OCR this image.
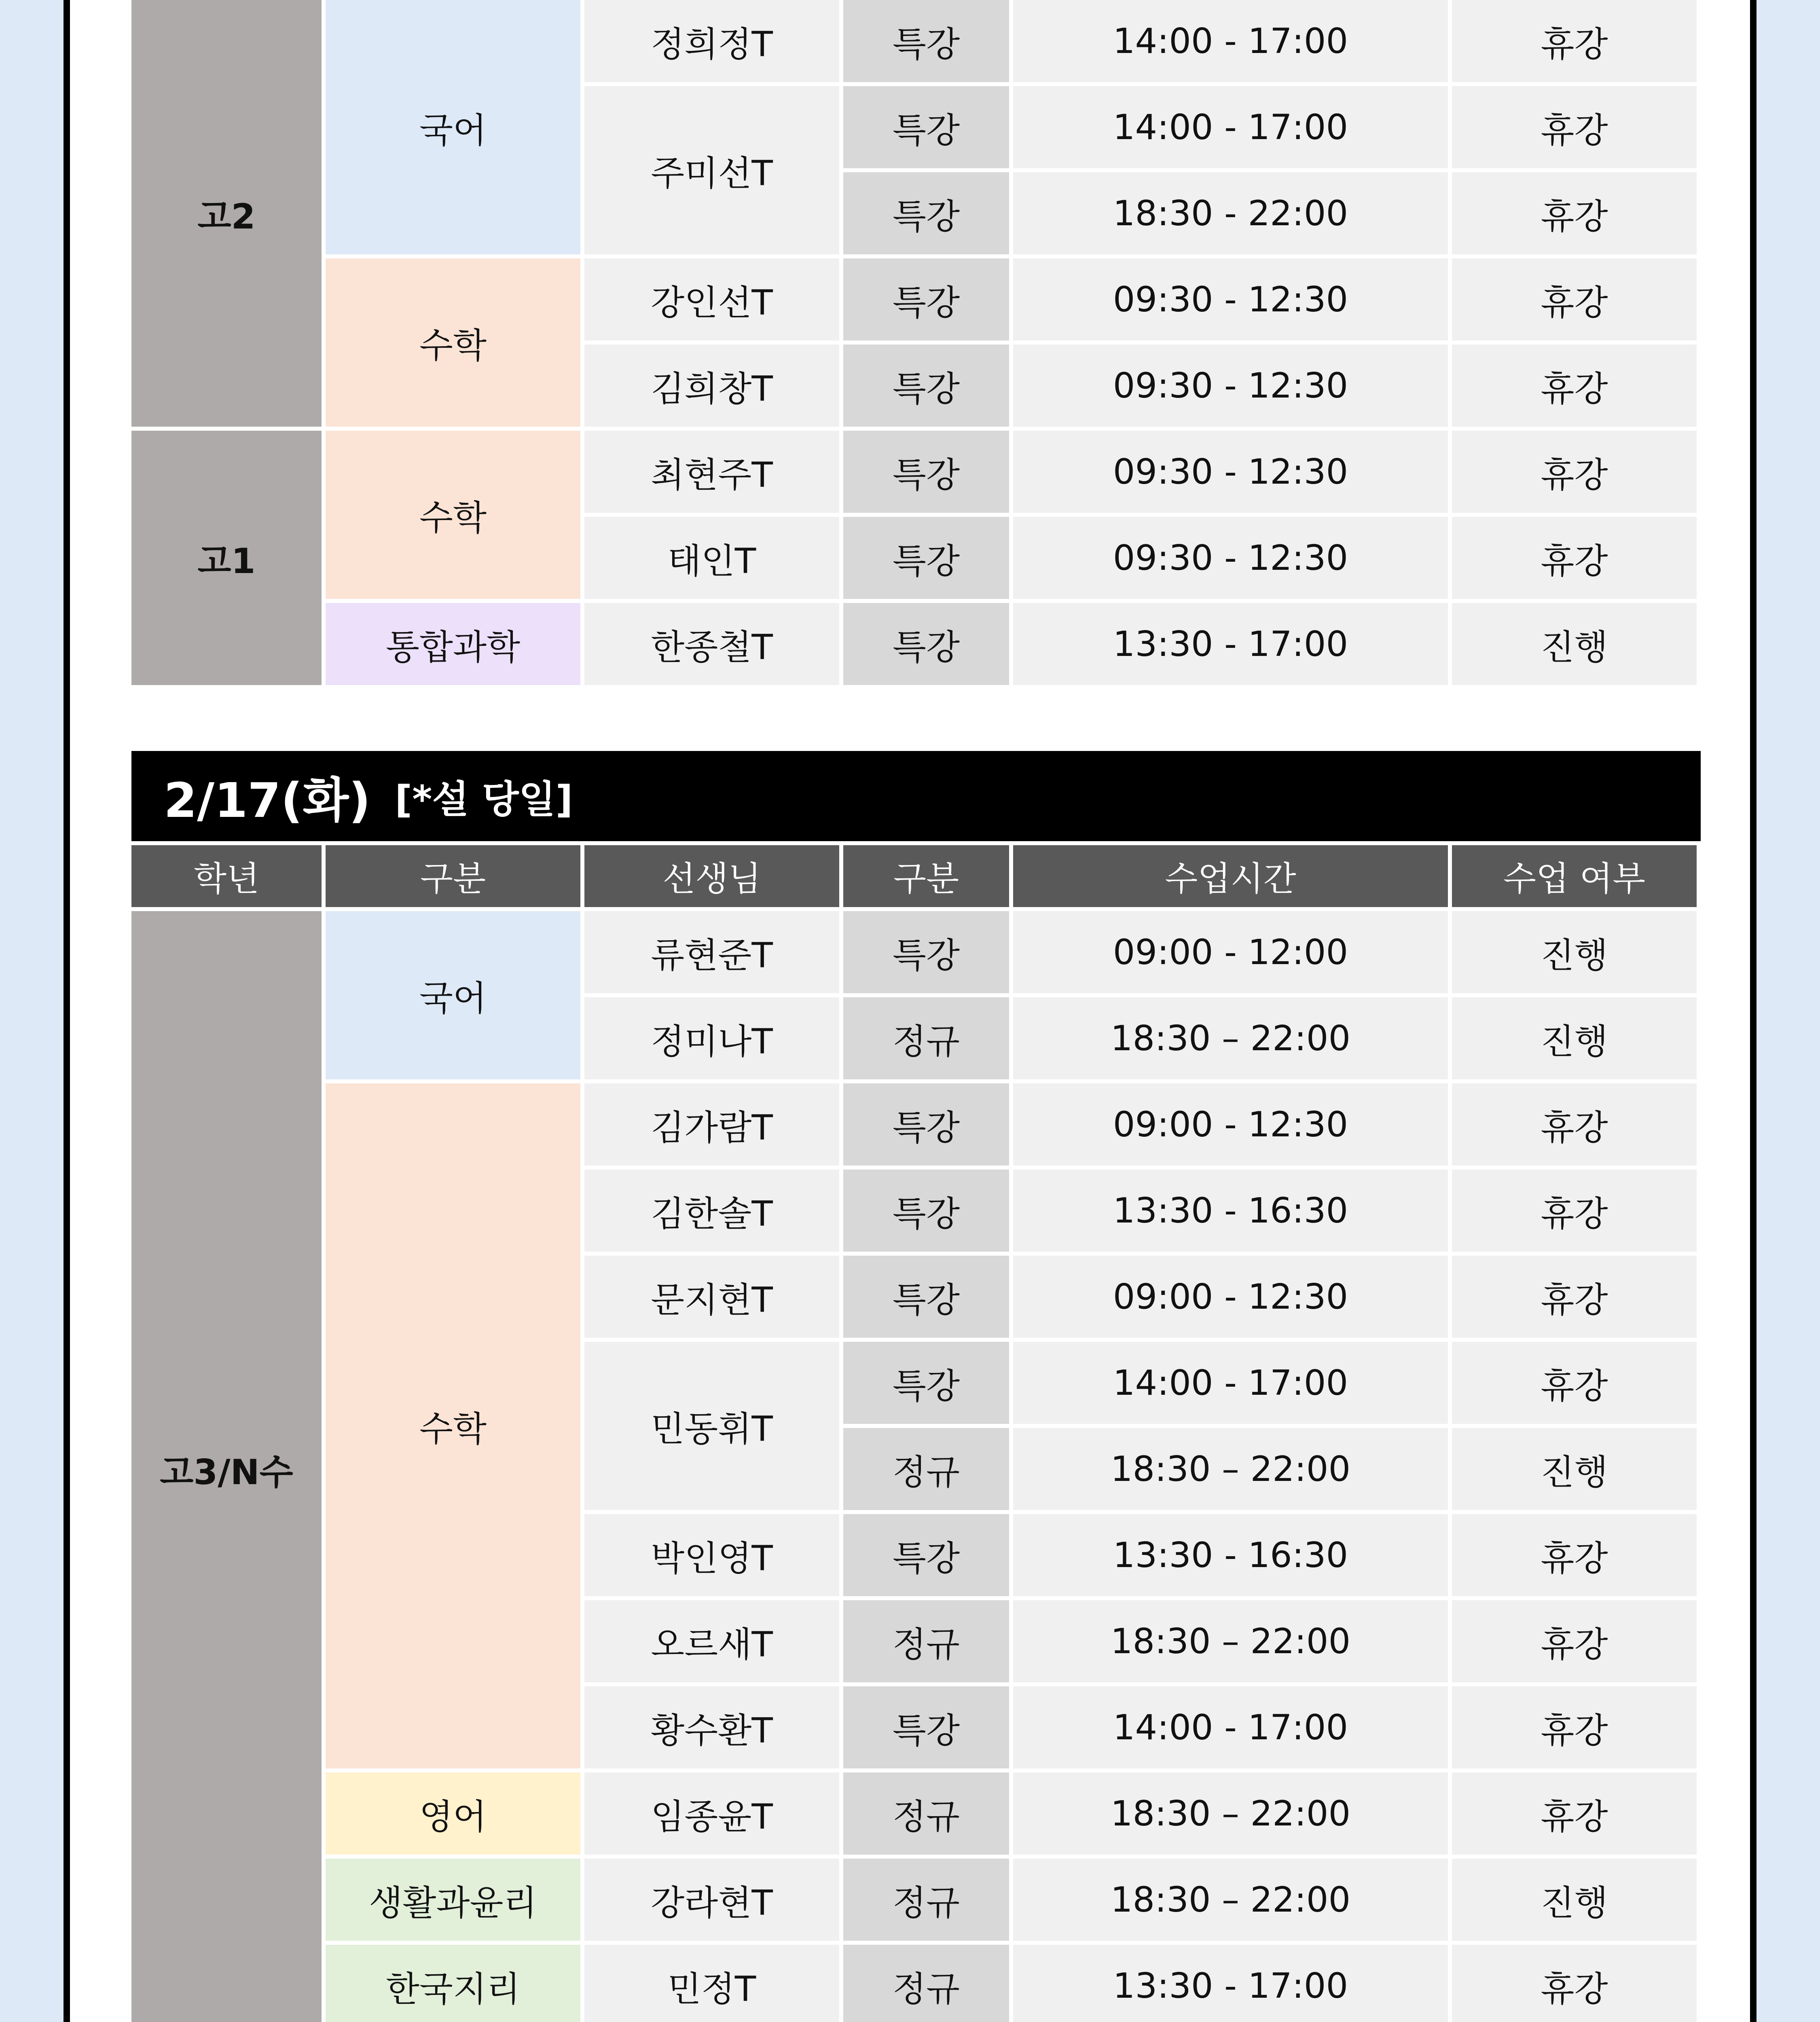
고2	국어	정희정T	특강	14:00 - 17:00	휴강
		주미선T	특강	14:00 - 17:00	휴강
			특강	18:30 - 22:00	휴강
	수학	강인선T	특강	09:30 - 12:30	휴강
		김희창T	특강	09:30 - 12:30	휴강
고1	수학	최현주T	특강	09:30 - 12:30	휴강
		태인T	특강	09:30 - 12:30	휴강
	통합과학	한종철T	특강	13:30 - 17:00	진행
2/17(화) [*설 당일]
학년	구분	선생님	구분	수업시간	수업 여부
고3/N수	국어	류현준T	특강	09:00 - 12:00	진행
		정미나T	정규	18:30 – 22:00	진행
	수학	김가람T	특강	09:00 - 12:30	휴강
		김한솔T	특강	13:30 - 16:30	휴강
		문지현T	특강	09:00 - 12:30	휴강
		민동휘T	특강	14:00 - 17:00	휴강
			정규	18:30 – 22:00	진행
		박인영T	특강	13:30 - 16:30	휴강
		오르새T	정규	18:30 – 22:00	휴강
		황수환T	특강	14:00 - 17:00	휴강
	영어	임종윤T	정규	18:30 – 22:00	휴강
	생활과윤리	강라현T	정규	18:30 – 22:00	진행
	한국지리	민정T	정규	13:30 - 17:00	휴강
